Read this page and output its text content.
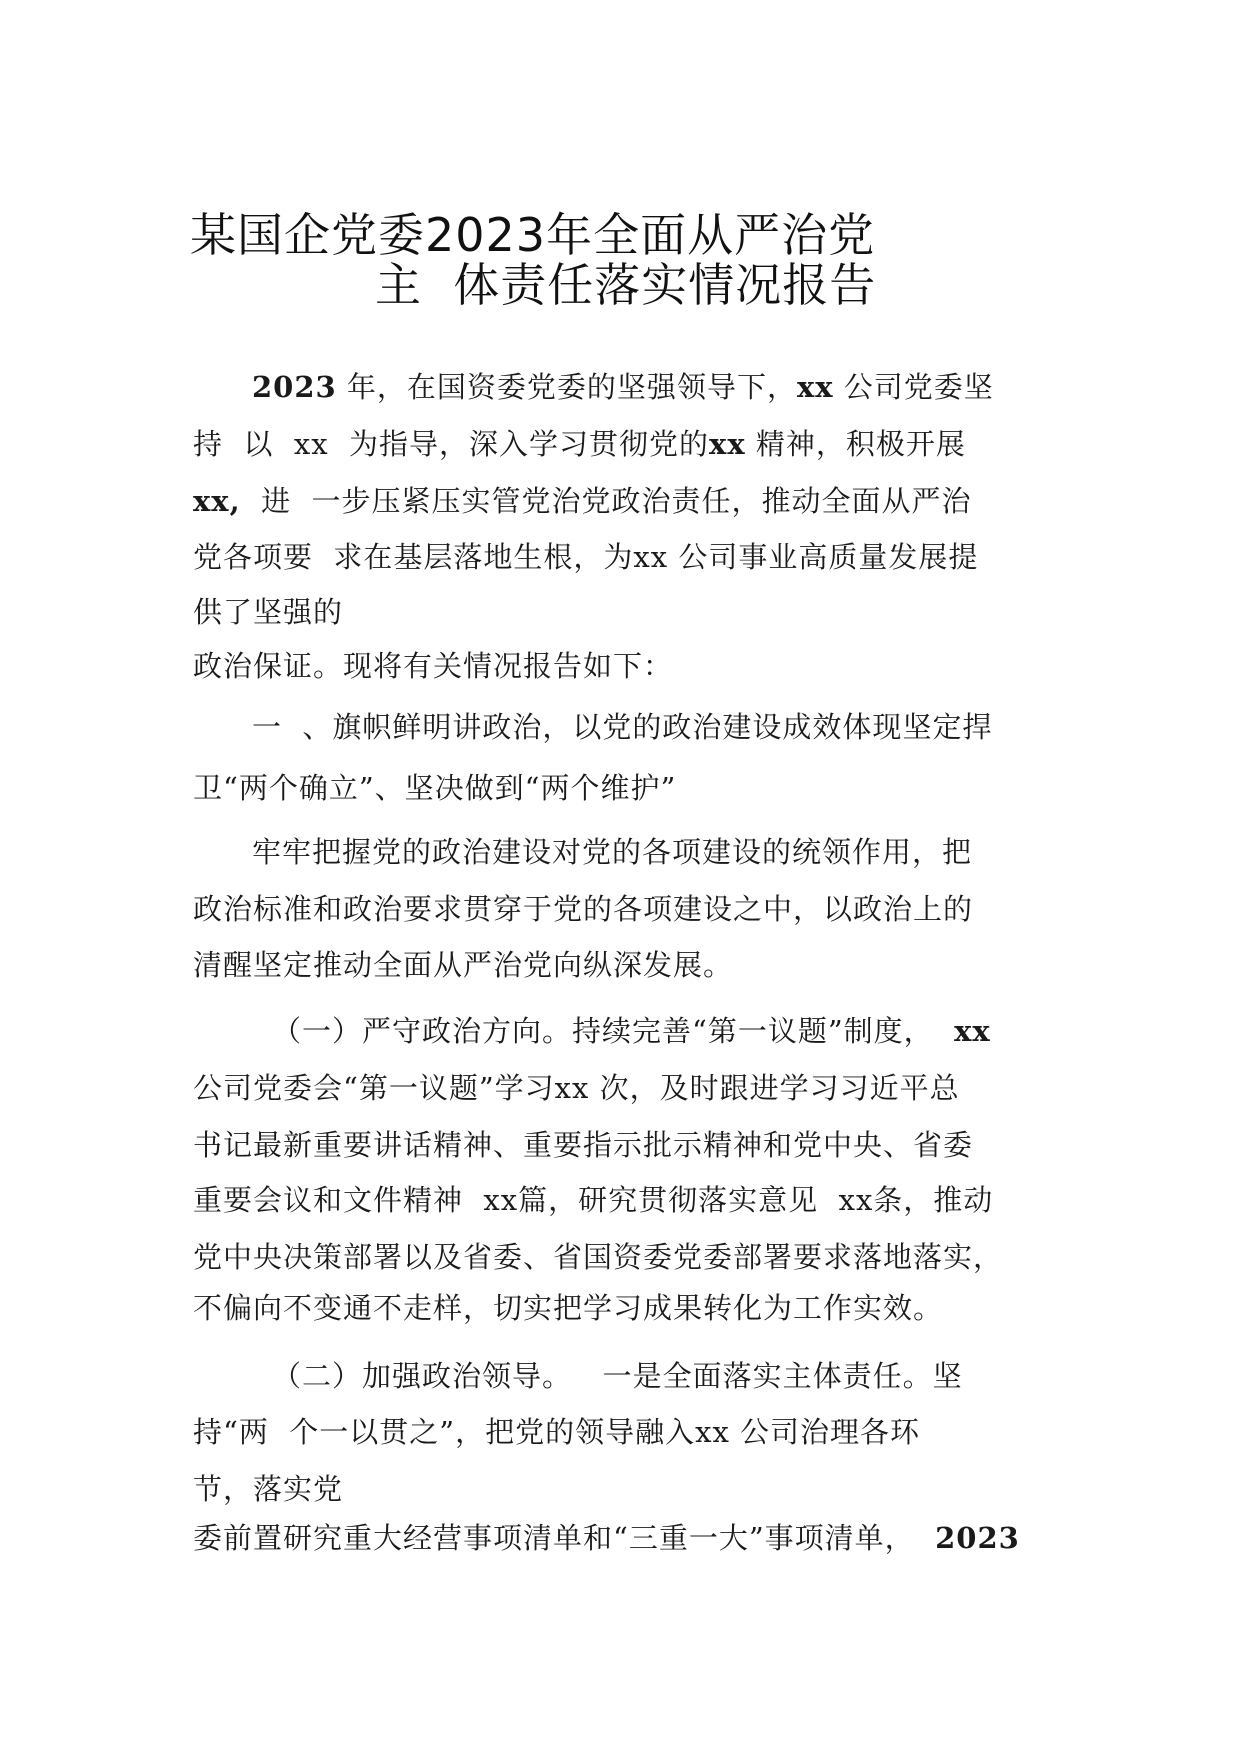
某国企党委2023年全面从严治党
主  体责任落实情况报告
2023 年，在国资委党委的坚强领导下，xx 公司党委坚
持  以  xx  为指导，深入学习贯彻党的xx 精神，积极开展
xx,  进  一步压紧压实管党治党政治责任，推动全面从严治
党各项要  求在基层落地生根，为xx 公司事业高质量发展提
供了坚强的
政治保证。现将有关情况报告如下：
一  、旗帜鲜明讲政治，以党的政治建设成效体现坚定捍
卫“两个确立”、坚决做到“两个维护”
牢牢把握党的政治建设对党的各项建设的统领作用，把
政治标准和政治要求贯穿于党的各项建设之中，以政治上的
清醒坚定推动全面从严治党向纵深发展。
（一）严守政治方向。持续完善“第一议题”制度，  xx
公司党委会“第一议题”学习xx 次，及时跟进学习习近平总
书记最新重要讲话精神、重要指示批示精神和党中央、省委
重要会议和文件精神  xx篇，研究贯彻落实意见  xx条，推动
党中央决策部署以及省委、省国资委党委部署要求落地落实，
不偏向不变通不走样，切实把学习成果转化为工作实效。
（二）加强政治领导。   一是全面落实主体责任。坚
持“两  个一以贯之”，把党的领导融入xx 公司治理各环
节，落实党
委前置研究重大经营事项清单和“三重一大”事项清单，  2023
